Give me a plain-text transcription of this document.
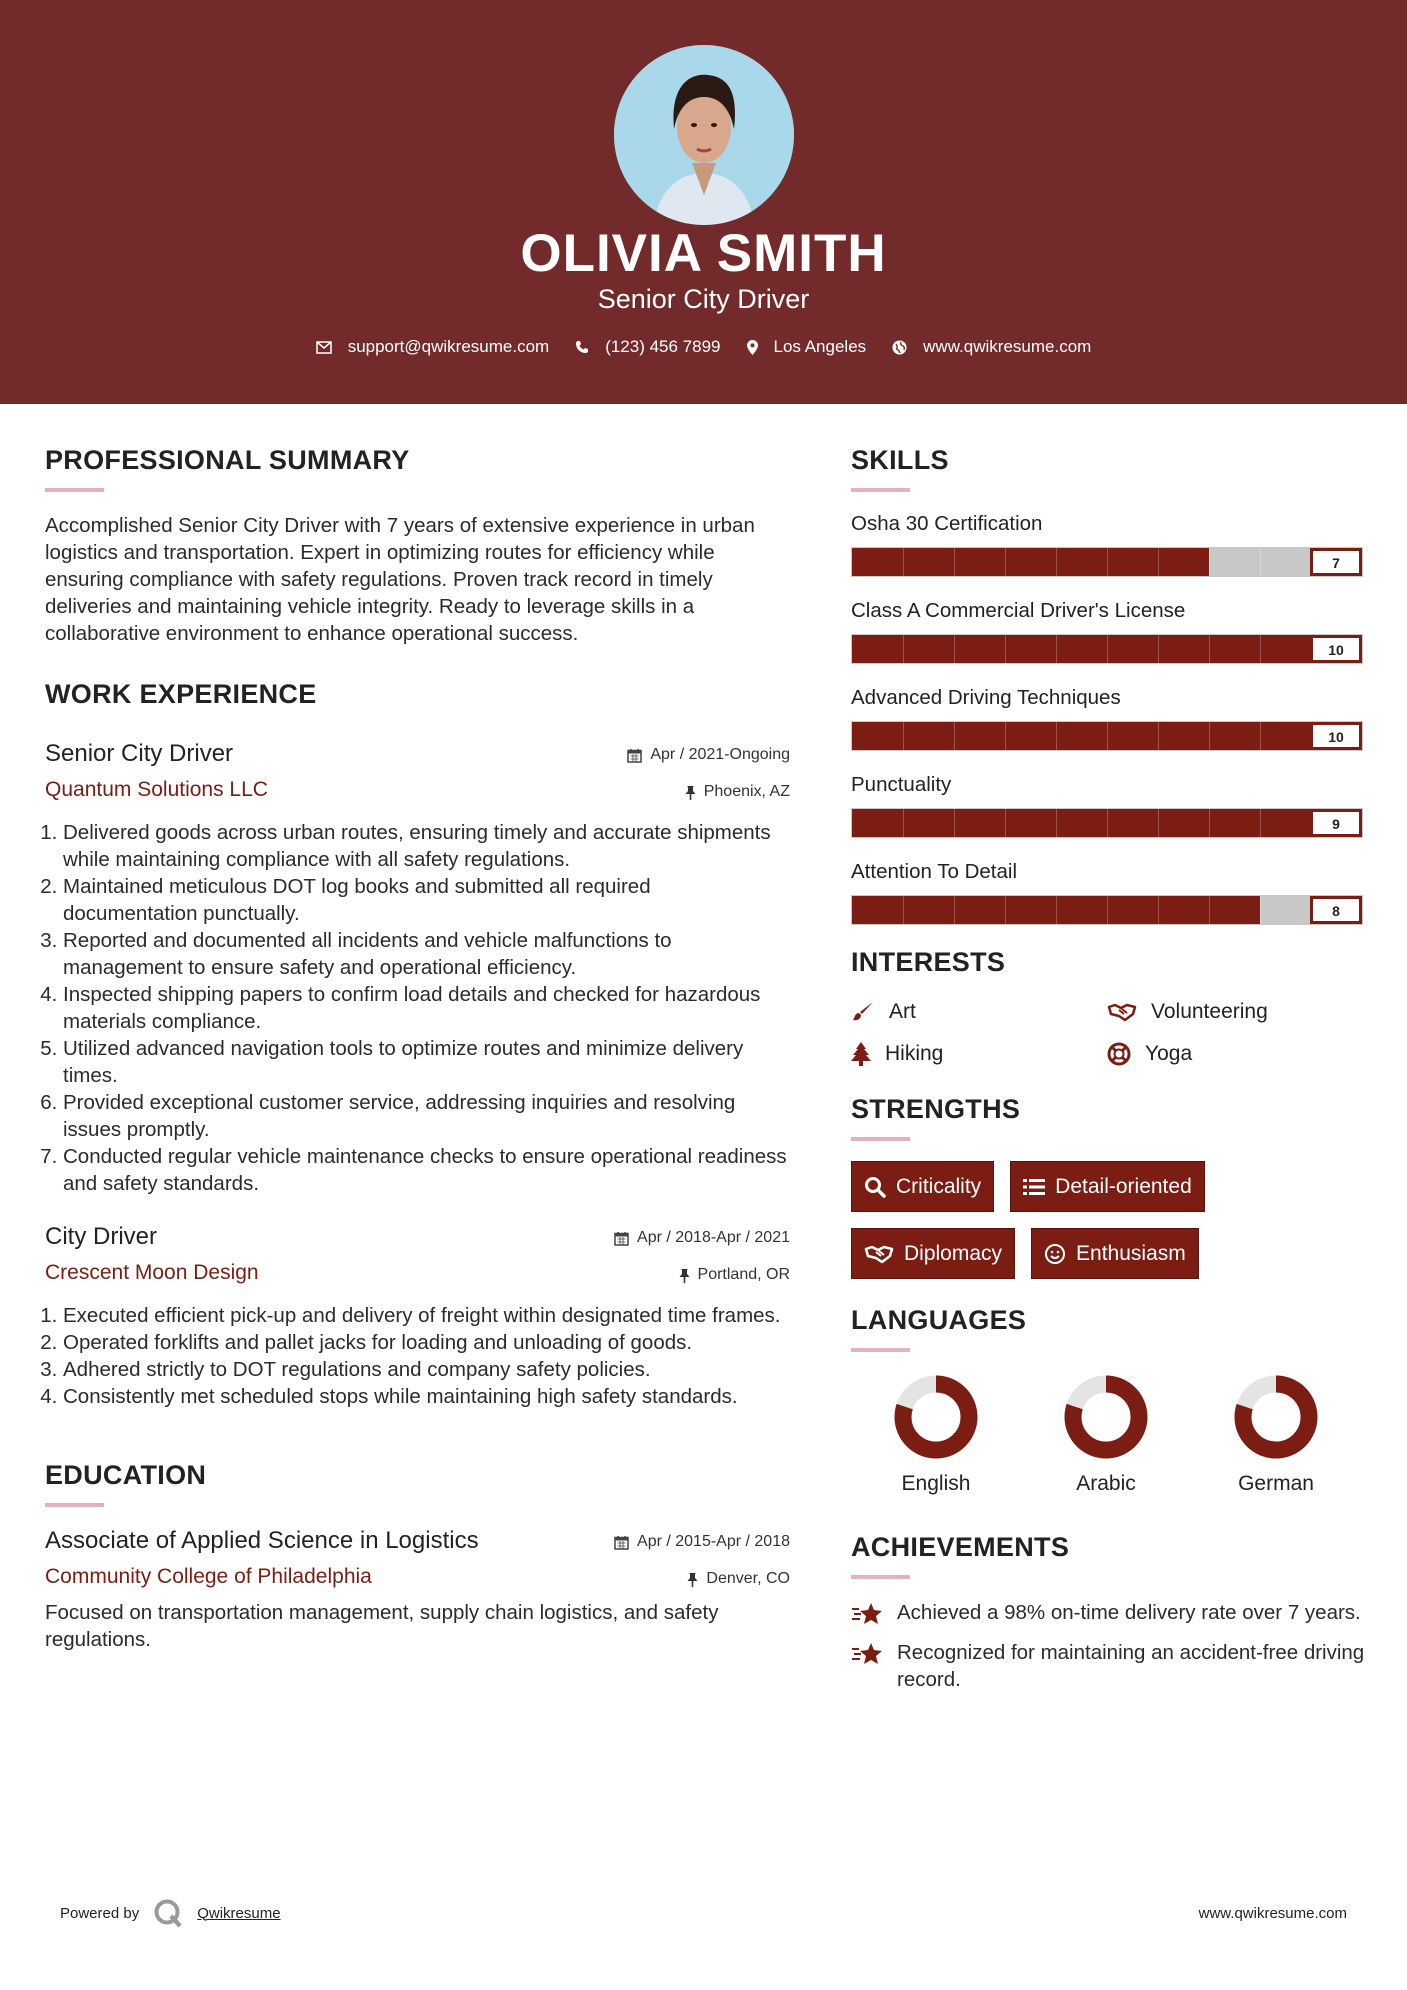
OLIVIA SMITH
Senior City Driver
support@qwikresume.com	(123) 456 7899	Los Angeles	www.qwikresume.com
PROFESSIONAL SUMMARY

Accomplished Senior City Driver with 7 years of extensive experience in urban logistics and transportation. Expert in optimizing routes for efficiency while ensuring compliance with safety regulations. Proven track record in timely deliveries and maintaining vehicle integrity. Ready to leverage skills in a collaborative environment to enhance operational success.

WORK EXPERIENCE
Senior City Driver	Apr / 2021-Ongoing
Quantum Solutions LLC	Phoenix, AZ
1. Delivered goods across urban routes, ensuring timely and accurate shipments while maintaining compliance with all safety regulations.
2. Maintained meticulous DOT log books and submitted all required documentation punctually.
3. Reported and documented all incidents and vehicle malfunctions to management to ensure safety and operational efficiency.
4. Inspected shipping papers to confirm load details and checked for hazardous materials compliance.
5. Utilized advanced navigation tools to optimize routes and minimize delivery times.
6. Provided exceptional customer service, addressing inquiries and resolving issues promptly.
7. Conducted regular vehicle maintenance checks to ensure operational readiness and safety standards.
City Driver	Apr / 2018-Apr / 2021
Crescent Moon Design	Portland, OR
1. Executed efficient pick-up and delivery of freight within designated time frames.
2. Operated forklifts and pallet jacks for loading and unloading of goods.
3. Adhered strictly to DOT regulations and company safety policies.
4. Consistently met scheduled stops while maintaining high safety standards.
EDUCATION
Associate of Applied Science in Logistics	Apr / 2015-Apr / 2018
Community College of Philadelphia	Denver, CO

Focused on transportation management, supply chain logistics, and safety regulations.

SKILLS
Osha 30 Certification
7
Class A Commercial Driver's License
10
Advanced Driving Techniques
10
Punctuality
9
Attention To Detail
8
INTERESTS
Art	Volunteering
Hiking	Yoga
STRENGTHS
Criticality	Detail-oriented
Diplomacy	Enthusiasm
LANGUAGES
English	Arabic	German
ACHIEVEMENTS
Achieved a 98% on-time delivery rate over 7 years.
Recognized for maintaining an accident-free driving record.
Powered by	Qwikresume	www.qwikresume.com
